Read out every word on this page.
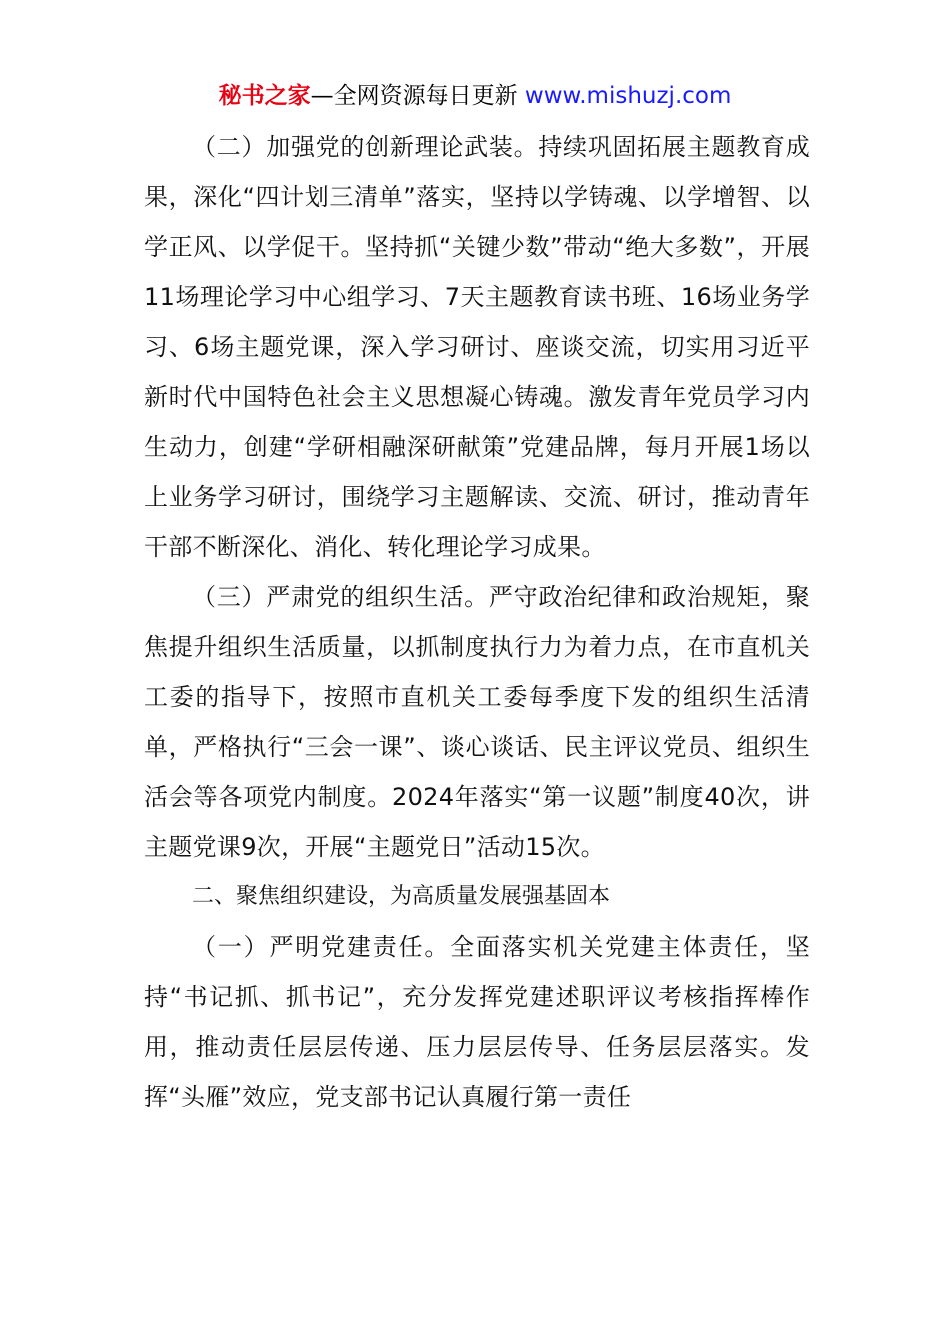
秘书之家—全网资源每日更新 www.mishuzj.com

（二）加强党的创新理论武装。持续巩固拓展主题教育成果，深化“四计划三清单”落实，坚持以学铸魂、以学增智、以学正风、以学促干。坚持抓“关键少数”带动“绝大多数”，开展11场理论学习中心组学习、7天主题教育读书班、16场业务学习、6场主题党课，深入学习研讨、座谈交流，切实用习近平新时代中国特色社会主义思想凝心铸魂。激发青年党员学习内生动力，创建“学研相融深研献策”党建品牌，每月开展1场以上业务学习研讨，围绕学习主题解读、交流、研讨，推动青年干部不断深化、消化、转化理论学习成果。

（三）严肃党的组织生活。严守政治纪律和政治规矩，聚焦提升组织生活质量，以抓制度执行力为着力点，在市直机关工委的指导下，按照市直机关工委每季度下发的组织生活清单，严格执行“三会一课”、谈心谈话、民主评议党员、组织生活会等各项党内制度。2024年落实“第一议题”制度40次，讲主题党课9次，开展“主题党日”活动15次。

二、聚焦组织建设，为高质量发展强基固本

（一）严明党建责任。全面落实机关党建主体责任，坚持“书记抓、抓书记”，充分发挥党建述职评议考核指挥棒作用，推动责任层层传递、压力层层传导、任务层层落实。发挥“头雁”效应，党支部书记认真履行第一责任
